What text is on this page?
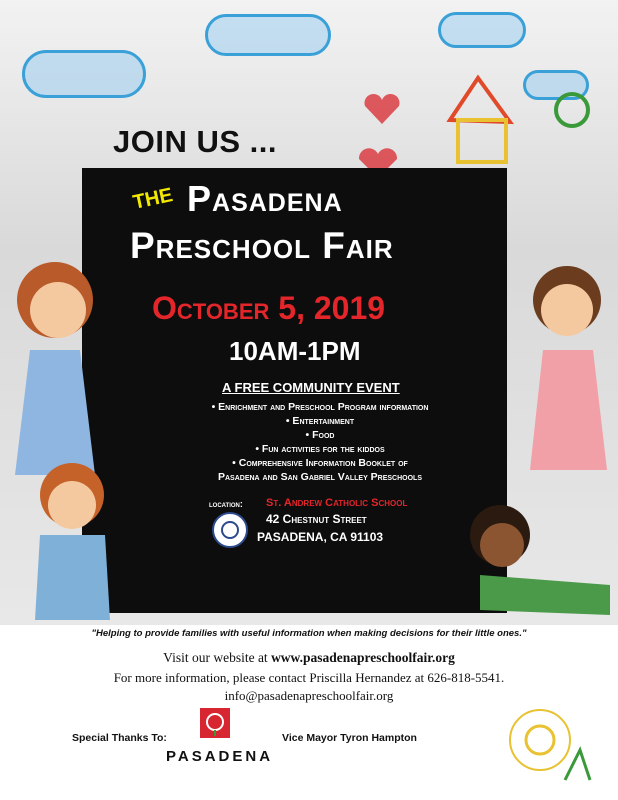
JOIN US ...
THE Pasadena
Preschool Fair
October 5, 2019
10AM-1PM
A FREE COMMUNITY EVENT
• Enrichment and Preschool Program information
• Entertainment
• Food
• Fun activities for the kiddos
• Comprehensive Information Booklet of
Pasadena and San Gabriel Valley Preschools
location: St. Andrew Catholic School
42 Chestnut Street
PASADENA, CA 91103
"Helping to provide families with useful information when making decisions for their little ones."
Visit our website at www.pasadenapreschoolfair.org
For more information, please contact Priscilla Hernandez at 626-818-5541.
info@pasadenapreschoolfair.org
Special Thanks To:
PASADENA
Vice Mayor Tyron Hampton
